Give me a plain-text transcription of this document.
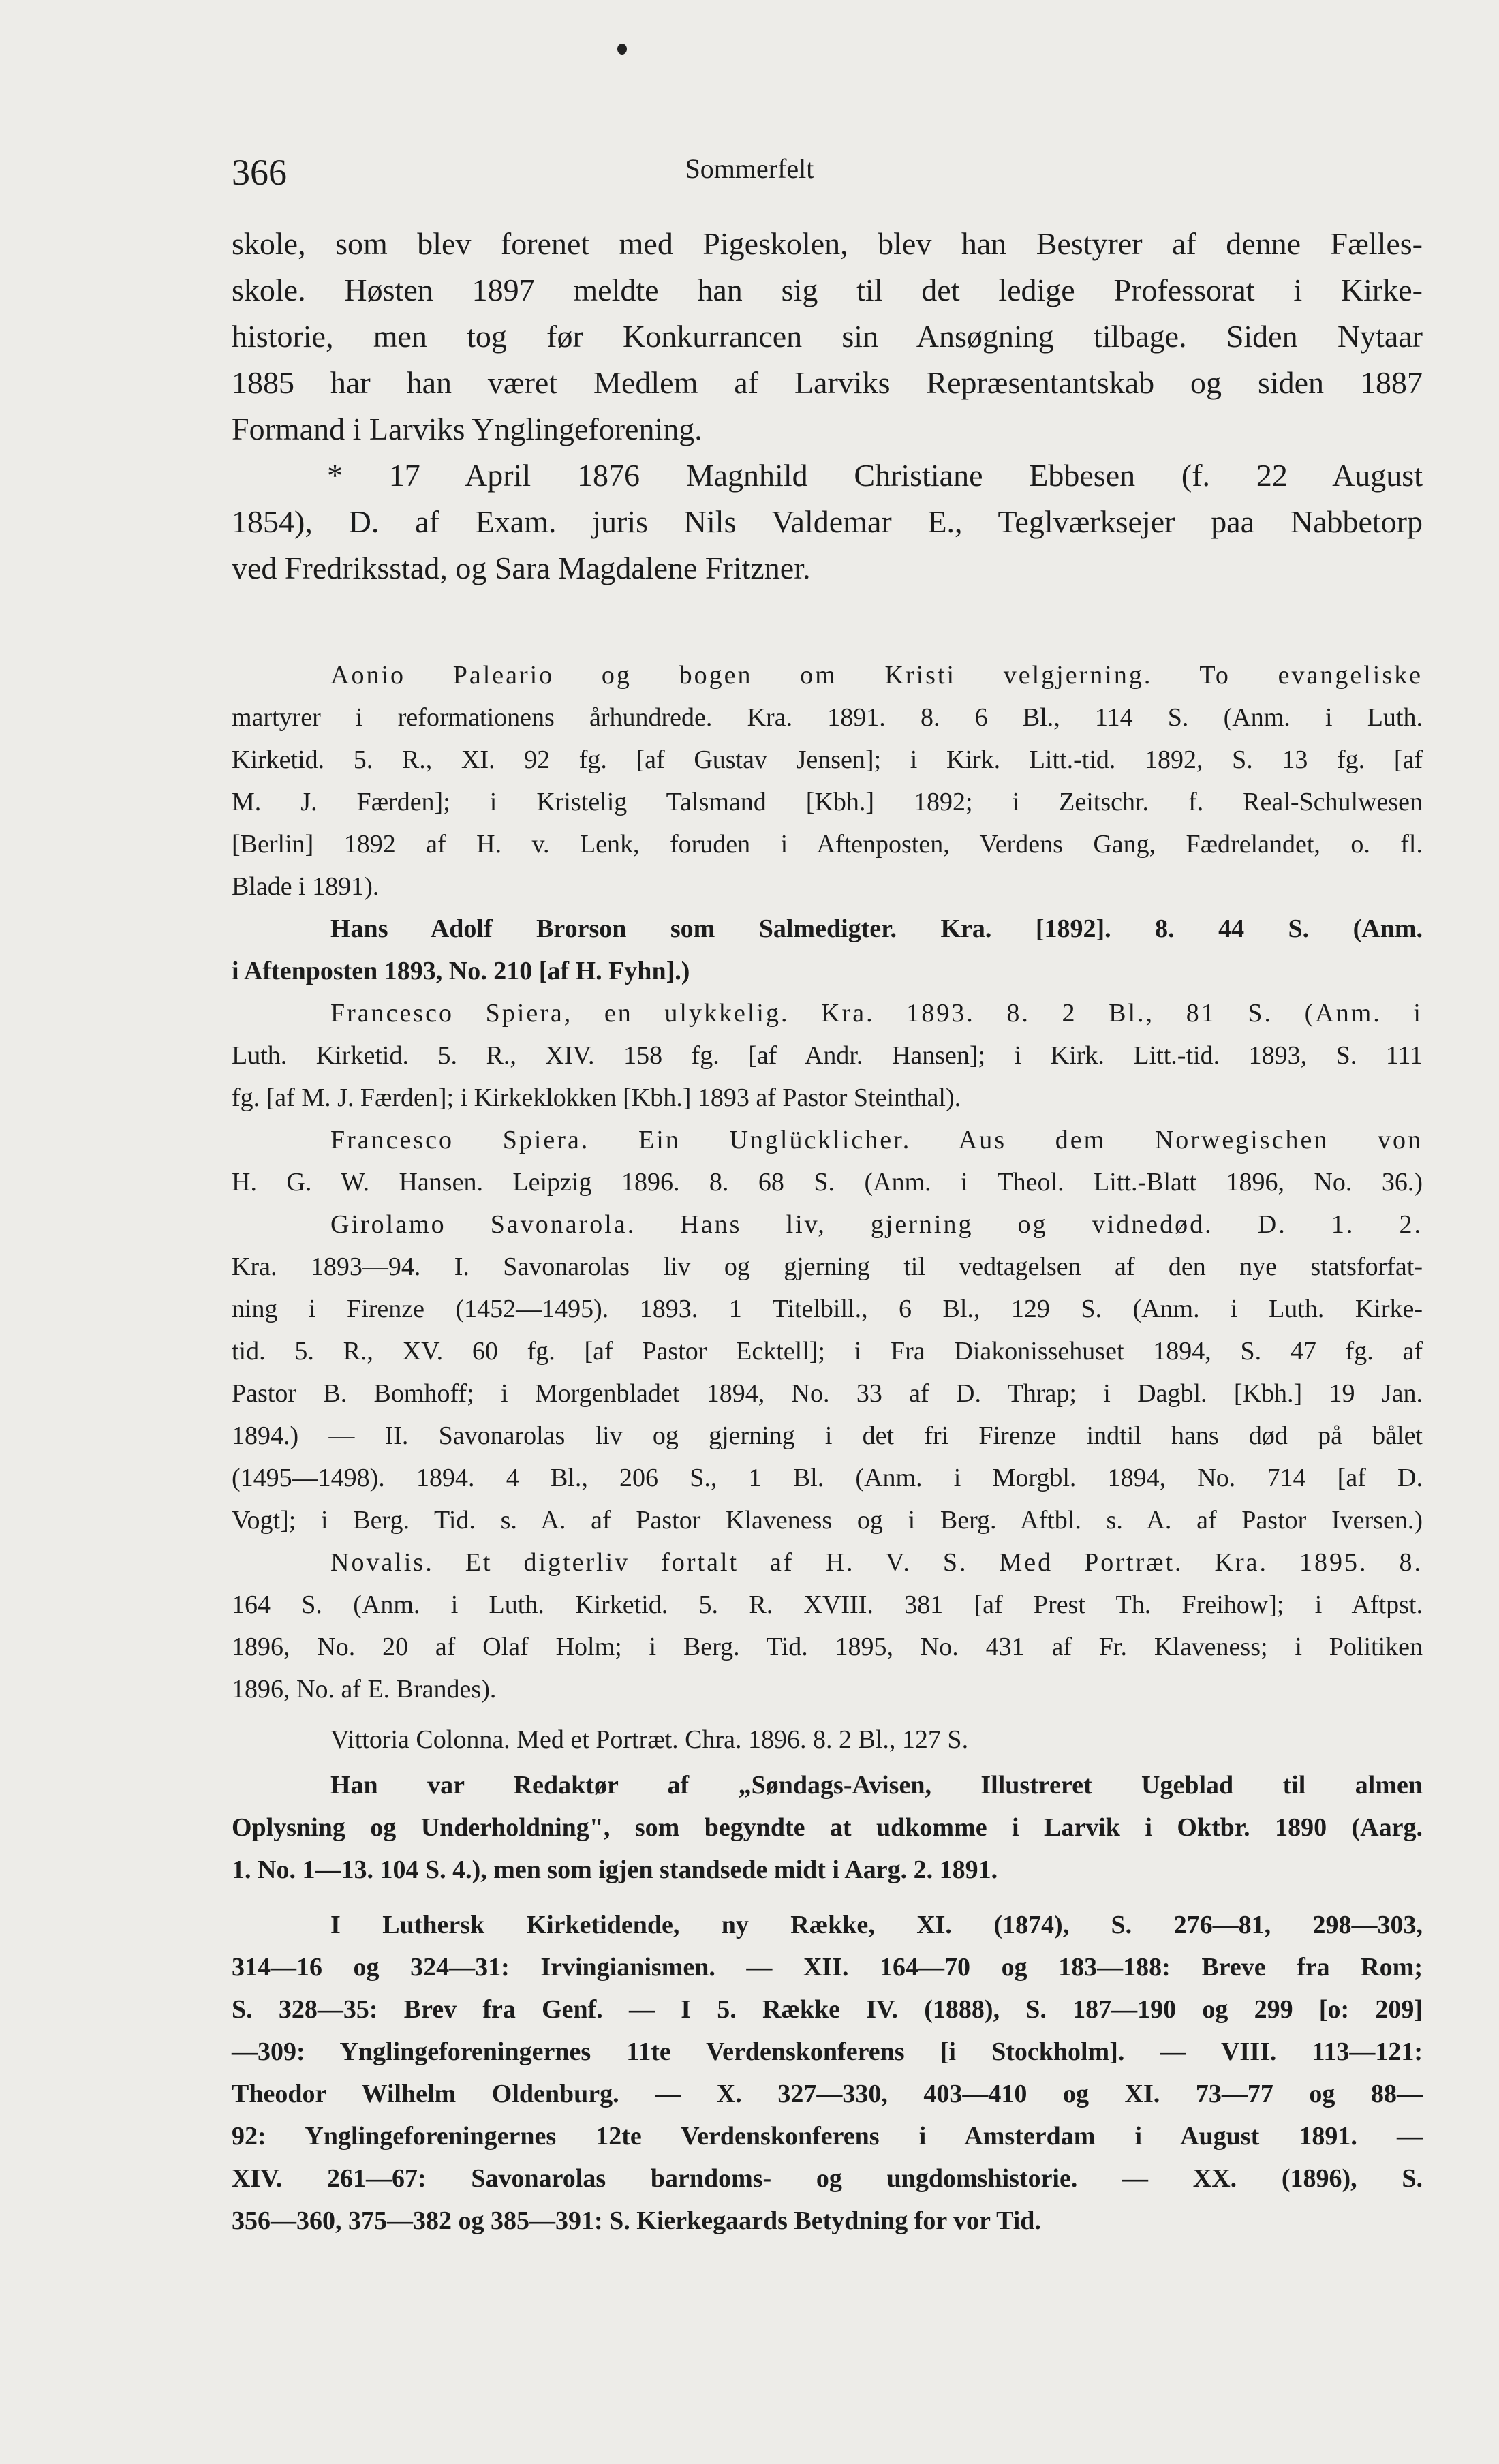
366	Sommerfelt
skole, som blev forenet med Pigeskolen, blev han Bestyrer af denne Fælles-
skole. Høsten 1897 meldte han sig til det ledige Professorat i Kirke-
historie, men tog før Konkurrancen sin Ansøgning tilbage. Siden Nytaar
1885 har han været Medlem af Larviks Repræsentantskab og siden 1887
Formand i Larviks Ynglingeforening.
* 17 April 1876 Magnhild Christiane Ebbesen (f. 22 August
1854), D. af Exam. juris Nils Valdemar E., Teglværksejer paa Nabbetorp
ved Fredriksstad, og Sara Magdalene Fritzner.
Aonio Paleario og bogen om Kristi velgjerning. To evangeliske
martyrer i reformationens århundrede. Kra. 1891. 8. 6 Bl., 114 S. (Anm. i Luth.
Kirketid. 5. R., XI. 92 fg. [af Gustav Jensen]; i Kirk. Litt.-tid. 1892, S. 13 fg. [af
M. J. Færden]; i Kristelig Talsmand [Kbh.] 1892; i Zeitschr. f. Real-Schulwesen
[Berlin] 1892 af H. v. Lenk, foruden i Aftenposten, Verdens Gang, Fædrelandet, o. fl.
Blade i 1891).
Hans Adolf Brorson som Salmedigter. Kra. [1892]. 8. 44 S. (Anm.
i Aftenposten 1893, No. 210 [af H. Fyhn].)
Francesco Spiera, en ulykkelig. Kra. 1893. 8. 2 Bl., 81 S. (Anm. i
Luth. Kirketid. 5. R., XIV. 158 fg. [af Andr. Hansen]; i Kirk. Litt.-tid. 1893, S. 111
fg. [af M. J. Færden]; i Kirkeklokken [Kbh.] 1893 af Pastor Steinthal).
Francesco Spiera. Ein Unglücklicher. Aus dem Norwegischen von
H. G. W. Hansen. Leipzig 1896. 8. 68 S. (Anm. i Theol. Litt.-Blatt 1896, No. 36.)
Girolamo Savonarola. Hans liv, gjerning og vidnedød. D. 1. 2.
Kra. 1893—94. I. Savonarolas liv og gjerning til vedtagelsen af den nye statsforfat-
ning i Firenze (1452—1495). 1893. 1 Titelbill., 6 Bl., 129 S. (Anm. i Luth. Kirke-
tid. 5. R., XV. 60 fg. [af Pastor Ecktell]; i Fra Diakonissehuset 1894, S. 47 fg. af
Pastor B. Bomhoff; i Morgenbladet 1894, No. 33 af D. Thrap; i Dagbl. [Kbh.] 19 Jan.
1894.) — II. Savonarolas liv og gjerning i det fri Firenze indtil hans død på bålet
(1495—1498). 1894. 4 Bl., 206 S., 1 Bl. (Anm. i Morgbl. 1894, No. 714 [af D.
Vogt]; i Berg. Tid. s. A. af Pastor Klaveness og i Berg. Aftbl. s. A. af Pastor Iversen.)
Novalis. Et digterliv fortalt af H. V. S. Med Portræt. Kra. 1895. 8.
164 S. (Anm. i Luth. Kirketid. 5. R. XVIII. 381 [af Prest Th. Freihow]; i Aftpst.
1896, No. 20 af Olaf Holm; i Berg. Tid. 1895, No. 431 af Fr. Klaveness; i Politiken
1896, No. af E. Brandes).
Vittoria Colonna. Med et Portræt. Chra. 1896. 8. 2 Bl., 127 S.
Han var Redaktør af „Søndags-Avisen, Illustreret Ugeblad til almen
Oplysning og Underholdning", som begyndte at udkomme i Larvik i Oktbr. 1890 (Aarg.
1. No. 1—13. 104 S. 4.), men som igjen standsede midt i Aarg. 2. 1891.
I Luthersk Kirketidende, ny Række, XI. (1874), S. 276—81, 298—303,
314—16 og 324—31: Irvingianismen. — XII. 164—70 og 183—188: Breve fra Rom;
S. 328—35: Brev fra Genf. — I 5. Række IV. (1888), S. 187—190 og 299 [o: 209]
—309: Ynglingeforeningernes 11te Verdenskonferens [i Stockholm]. — VIII. 113—121:
Theodor Wilhelm Oldenburg. — X. 327—330, 403—410 og XI. 73—77 og 88—
92: Ynglingeforeningernes 12te Verdenskonferens i Amsterdam i August 1891. —
XIV. 261—67: Savonarolas barndoms- og ungdomshistorie. — XX. (1896), S.
356—360, 375—382 og 385—391: S. Kierkegaards Betydning for vor Tid.
